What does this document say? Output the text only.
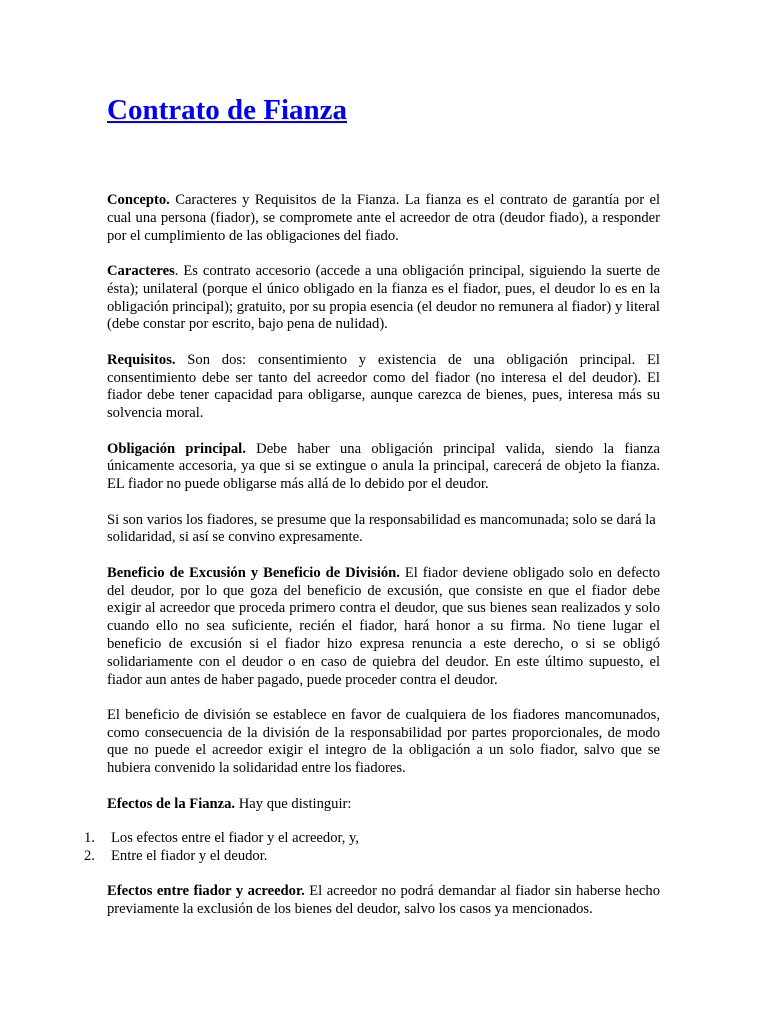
Contrato de Fianza

Concepto. Caracteres y Requisitos de la Fianza. La fianza es el contrato de garantía por el cual una persona (fiador), se compromete ante el acreedor de otra (deudor fiado), a responder por el cumplimiento de las obligaciones del fiado.

Caracteres. Es contrato accesorio (accede a una obligación principal, siguiendo la suerte de ésta); unilateral (porque el único obligado en la fianza es el fiador, pues, el deudor lo es en la obligación principal); gratuito, por su propia esencia (el deudor no remunera al fiador) y literal (debe constar por escrito, bajo pena de nulidad).

Requisitos. Son dos: consentimiento y existencia de una obligación principal. El consentimiento debe ser tanto del acreedor como del fiador (no interesa el del deudor). El fiador debe tener capacidad para obligarse, aunque carezca de bienes, pues, interesa más su solvencia moral.

Obligación principal. Debe haber una obligación principal valida, siendo la fianza únicamente accesoria, ya que si se extingue o anula la principal, carecerá de objeto la fianza. EL fiador no puede obligarse más allá de lo debido por el deudor.

Si son varios los fiadores, se presume que la responsabilidad es mancomunada; solo se dará la solidaridad, si así se convino expresamente.

Beneficio de Excusión y Beneficio de División. El fiador deviene obligado solo en defecto del deudor, por lo que goza del beneficio de excusión, que consiste en que el fiador debe exigir al acreedor que proceda primero contra el deudor, que sus bienes sean realizados y solo cuando ello no sea suficiente, recién el fiador, hará honor a su firma. No tiene lugar el beneficio de excusión si el fiador hizo expresa renuncia a este derecho, o si se obligó solidariamente con el deudor o en caso de quiebra del deudor. En este último supuesto, el fiador aun antes de haber pagado, puede proceder contra el deudor.

El beneficio de división se establece en favor de cualquiera de los fiadores mancomunados, como consecuencia de la división de la responsabilidad por partes proporcionales, de modo que no puede el acreedor exigir el integro de la obligación a un solo fiador, salvo que se hubiera convenido la solidaridad entre los fiadores.

Efectos de la Fianza. Hay que distinguir:

1.	Los efectos entre el fiador y el acreedor, y,
2.	Entre el fiador y el deudor.

Efectos entre fiador y acreedor. El acreedor no podrá demandar al fiador sin haberse hecho previamente la exclusión de los bienes del deudor, salvo los casos ya mencionados.
